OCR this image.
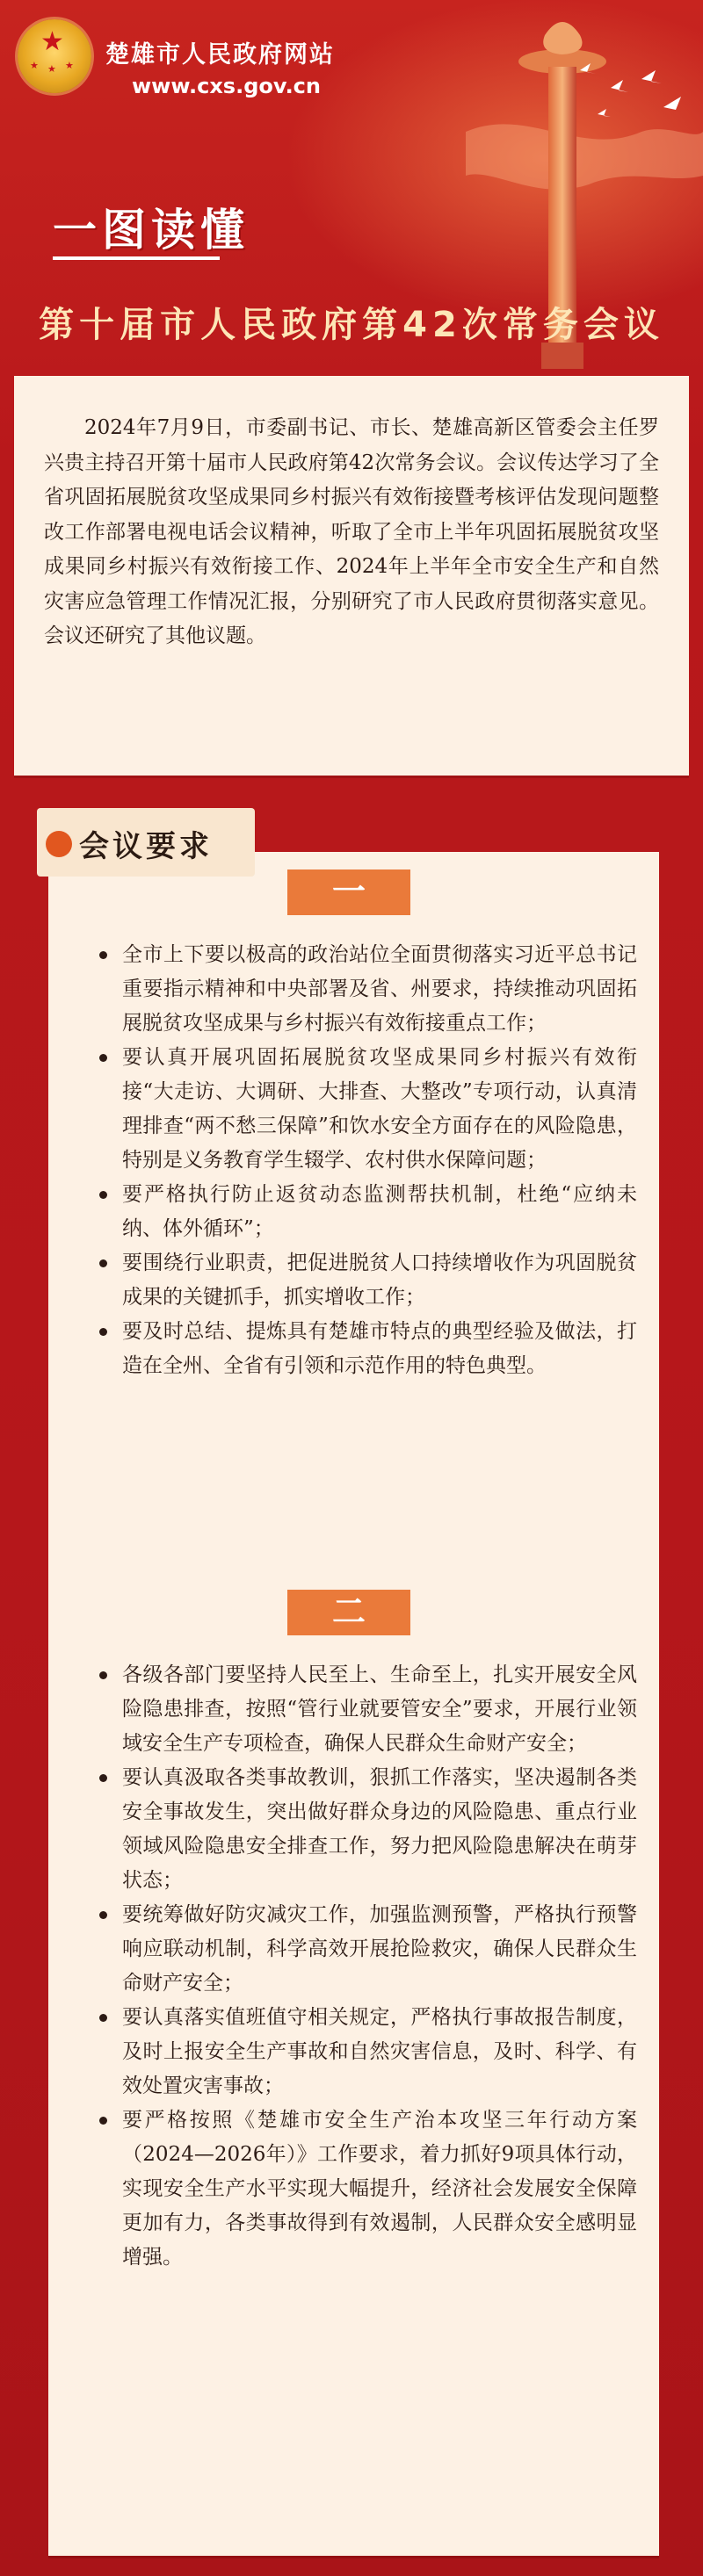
★
★ ★ ★ 楚雄市人民政府网站
www.cxs.gov.cn
一图读懂
第十届市人民政府第42次常务会议
2024年7月9日，市委副书记、市长、楚雄高新区管委会主任罗兴贵主持召开第十届市人民政府第42次常务会议。会议传达学习了全省巩固拓展脱贫攻坚成果同乡村振兴有效衔接暨考核评估发现问题整改工作部署电视电话会议精神，听取了全市上半年巩固拓展脱贫攻坚成果同乡村振兴有效衔接工作、2024年上半年全市安全生产和自然灾害应急管理工作情况汇报，分别研究了市人民政府贯彻落实意见。会议还研究了其他议题。
会议要求
一
全市上下要以极高的政治站位全面贯彻落实习近平总书记重要指示精神和中央部署及省、州要求，持续推动巩固拓展脱贫攻坚成果与乡村振兴有效衔接重点工作；
要认真开展巩固拓展脱贫攻坚成果同乡村振兴有效衔接“大走访、大调研、大排查、大整改”专项行动，认真清理排查“两不愁三保障”和饮水安全方面存在的风险隐患，特别是义务教育学生辍学、农村供水保障问题；
要严格执行防止返贫动态监测帮扶机制，杜绝“应纳未纳、体外循环”；
要围绕行业职责，把促进脱贫人口持续增收作为巩固脱贫成果的关键抓手，抓实增收工作；
要及时总结、提炼具有楚雄市特点的典型经验及做法，打造在全州、全省有引领和示范作用的特色典型。
二
各级各部门要坚持人民至上、生命至上，扎实开展安全风险隐患排查，按照“管行业就要管安全”要求，开展行业领域安全生产专项检查，确保人民群众生命财产安全；
要认真汲取各类事故教训，狠抓工作落实，坚决遏制各类安全事故发生，突出做好群众身边的风险隐患、重点行业领域风险隐患安全排查工作，努力把风险隐患解决在萌芽状态；
要统筹做好防灾减灾工作，加强监测预警，严格执行预警响应联动机制，科学高效开展抢险救灾，确保人民群众生命财产安全；
要认真落实值班值守相关规定，严格执行事故报告制度，及时上报安全生产事故和自然灾害信息，及时、科学、有效处置灾害事故；
要严格按照《楚雄市安全生产治本攻坚三年行动方案（2024—2026年）》工作要求，着力抓好9项具体行动，实现安全生产水平实现大幅提升，经济社会发展安全保障更加有力，各类事故得到有效遏制，人民群众安全感明显增强。
